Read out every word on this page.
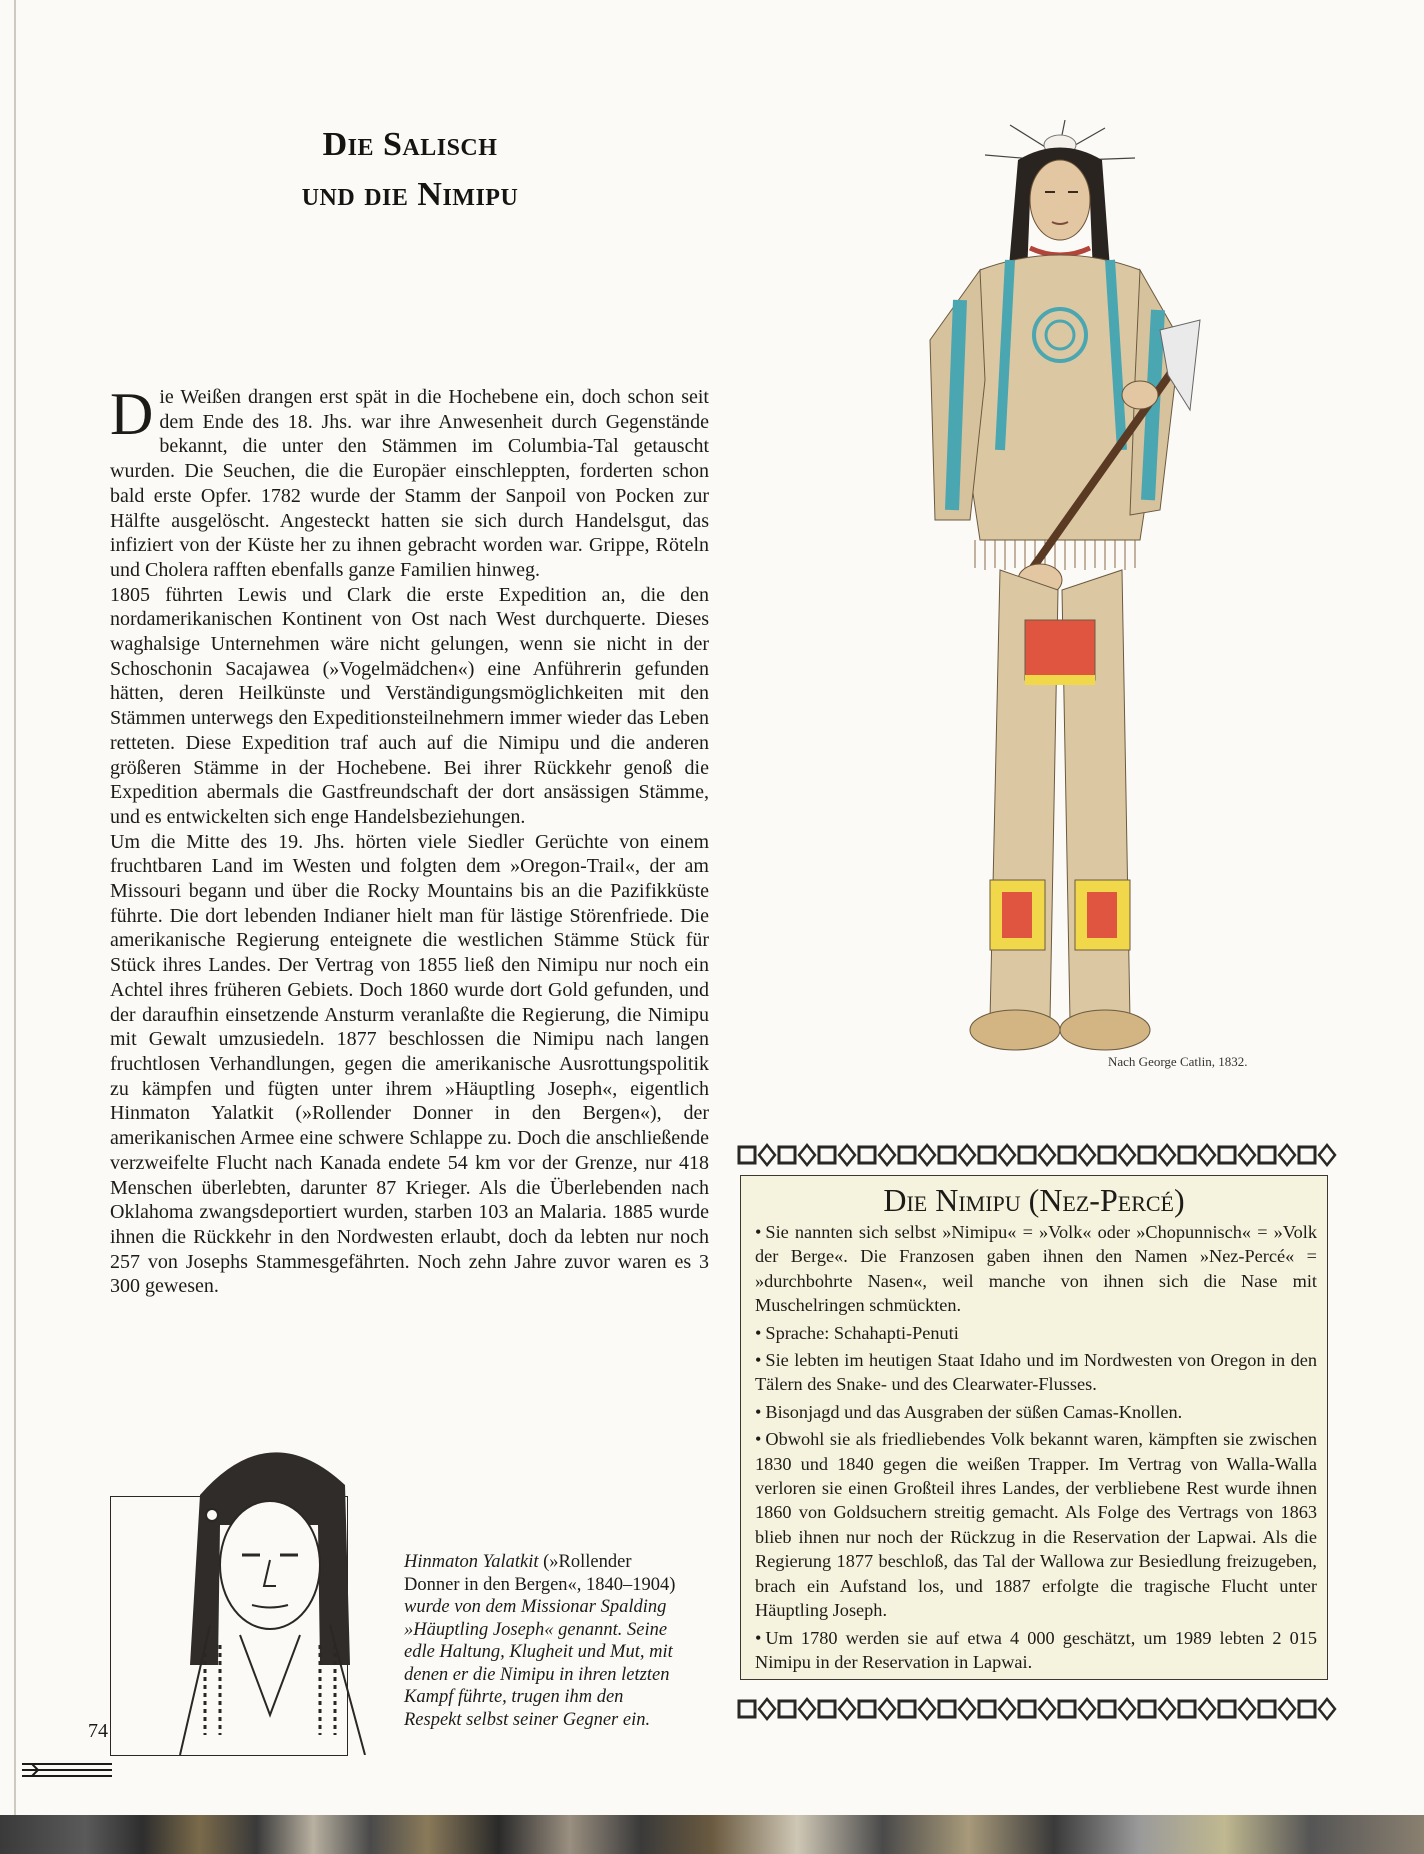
Die Salisch
und die Nimipu

Die Weißen drangen erst spät in die Hochebene ein, doch schon seit dem Ende des 18. Jhs. war ihre Anwesenheit durch Gegenstände bekannt, die unter den Stämmen im Columbia-Tal getauscht wurden. Die Seuchen, die die Europäer einschleppten, forderten schon bald erste Opfer. 1782 wurde der Stamm der Sanpoil von Pocken zur Hälfte ausgelöscht. Angesteckt hatten sie sich durch Handelsgut, das infiziert von der Küste her zu ihnen gebracht worden war. Grippe, Röteln und Cholera rafften ebenfalls ganze Familien hinweg.

1805 führten Lewis und Clark die erste Expedition an, die den nordamerikanischen Kontinent von Ost nach West durchquerte. Dieses waghalsige Unternehmen wäre nicht gelungen, wenn sie nicht in der Schoschonin Sacajawea (»Vogelmädchen«) eine Anführerin gefunden hätten, deren Heilkünste und Verständigungsmöglichkeiten mit den Stämmen unterwegs den Expeditionsteilnehmern immer wieder das Leben retteten. Diese Expedition traf auch auf die Nimipu und die anderen größeren Stämme in der Hochebene. Bei ihrer Rückkehr genoß die Expedition abermals die Gastfreundschaft der dort ansässigen Stämme, und es entwickelten sich enge Handelsbeziehungen.

Um die Mitte des 19. Jhs. hörten viele Siedler Gerüchte von einem fruchtbaren Land im Westen und folgten dem »Oregon-Trail«, der am Missouri begann und über die Rocky Mountains bis an die Pazifikküste führte. Die dort lebenden Indianer hielt man für lästige Störenfriede. Die amerikanische Regierung enteignete die westlichen Stämme Stück für Stück ihres Landes. Der Vertrag von 1855 ließ den Nimipu nur noch ein Achtel ihres früheren Gebiets. Doch 1860 wurde dort Gold gefunden, und der daraufhin einsetzende Ansturm veranlaßte die Regierung, die Nimipu mit Gewalt umzusiedeln. 1877 beschlossen die Nimipu nach langen fruchtlosen Verhandlungen, gegen die amerikanische Ausrottungspolitik zu kämpfen und fügten unter ihrem »Häuptling Joseph«, eigentlich Hinmaton Yalatkit (»Rollender Donner in den Bergen«), der amerikanischen Armee eine schwere Schlappe zu. Doch die anschließende verzweifelte Flucht nach Kanada endete 54 km vor der Grenze, nur 418 Menschen überlebten, darunter 87 Krieger. Als die Überlebenden nach Oklahoma zwangsdeportiert wurden, starben 103 an Malaria. 1885 wurde ihnen die Rückkehr in den Nordwesten erlaubt, doch da lebten nur noch 257 von Josephs Stammesgefährten. Noch zehn Jahre zuvor waren es 3 300 gewesen.

Nach George Catlin, 1832.
Hinmaton Yalatkit (»Rollender Donner in den Bergen«, 1840–1904) wurde von dem Missionar Spalding »Häuptling Joseph« genannt. Seine edle Haltung, Klugheit und Mut, mit denen er die Nimipu in ihren letzten Kampf führte, trugen ihm den Respekt selbst seiner Gegner ein.
Die Nimipu (Nez-Percé)
• Sie nannten sich selbst »Nimipu« = »Volk« oder »Chopunnisch« = »Volk der Berge«. Die Franzosen gaben ihnen den Namen »Nez-Percé« = »durchbohrte Nasen«, weil manche von ihnen sich die Nase mit Muschelringen schmückten.
• Sprache: Schahapti-Penuti
• Sie lebten im heutigen Staat Idaho und im Nordwesten von Oregon in den Tälern des Snake- und des Clearwater-Flusses.
• Bisonjagd und das Ausgraben der süßen Camas-Knollen.
• Obwohl sie als friedliebendes Volk bekannt waren, kämpften sie zwischen 1830 und 1840 gegen die weißen Trapper. Im Vertrag von Walla-Walla verloren sie einen Großteil ihres Landes, der verbliebene Rest wurde ihnen 1860 von Goldsuchern streitig gemacht. Als Folge des Vertrags von 1863 blieb ihnen nur noch der Rückzug in die Reservation der Lapwai. Als die Regierung 1877 beschloß, das Tal der Wallowa zur Besiedlung freizugeben, brach ein Aufstand los, und 1887 erfolgte die tragische Flucht unter Häuptling Joseph.
• Um 1780 werden sie auf etwa 4 000 geschätzt, um 1989 lebten 2 015 Nimipu in der Reservation in Lapwai.
74
